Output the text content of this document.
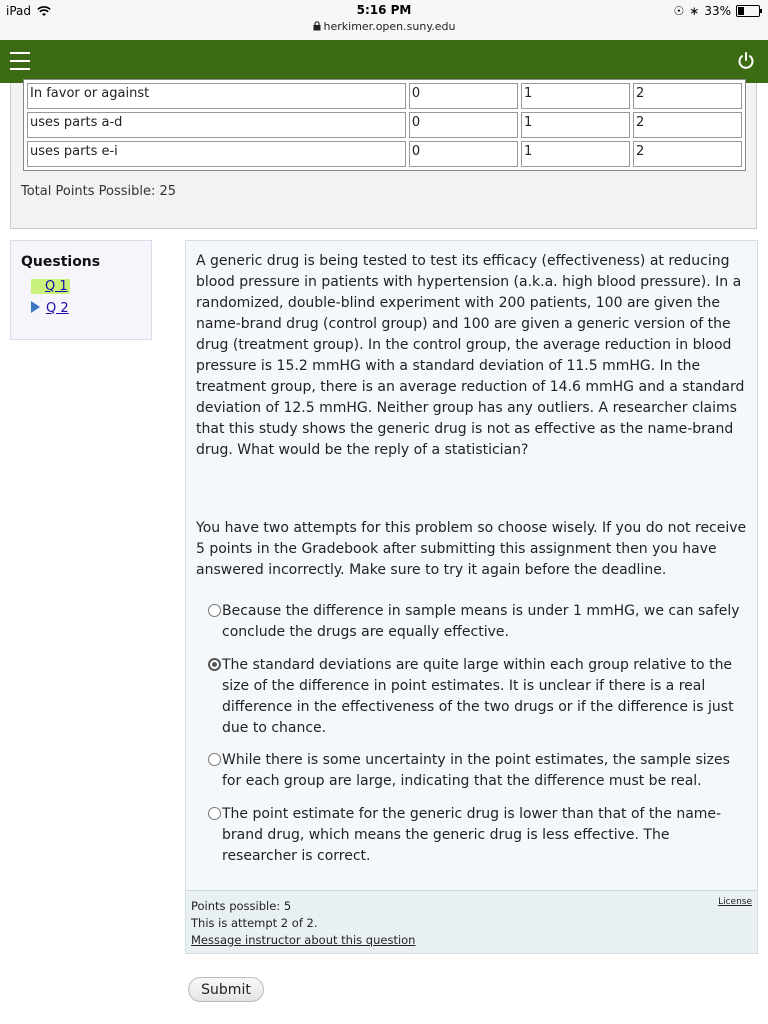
iPad	5:16 PM
herkimer.open.suny.edu
☉ ∗ 33%
In favor or against	0	1	2
uses parts a-d	0	1	2
uses parts e-i	0	1	2
Total Points Possible: 25
Questions
Q 1
Q 2

A generic drug is being tested to test its efficacy (effectiveness) at reducing blood pressure in patients with hypertension (a.k.a. high blood pressure). In a randomized, double-blind experiment with 200 patients, 100 are given the name-brand drug (control group) and 100 are given a generic version of the drug (treatment group). In the control group, the average reduction in blood pressure is 15.2 mmHG with a standard deviation of 11.5 mmHG. In the treatment group, there is an average reduction of 14.6 mmHG and a standard deviation of 12.5 mmHG. Neither group has any outliers. A researcher claims that this study shows the generic drug is not as effective as the name-brand drug. What would be the reply of a statistician?

You have two attempts for this problem so choose wisely. If you do not receive 5 points in the Gradebook after submitting this assignment then you have answered incorrectly. Make sure to try it again before the deadline.

Because the difference in sample means is under 1 mmHG, we can safely conclude the drugs are equally effective.
The standard deviations are quite large within each group relative to the size of the difference in point estimates. It is unclear if there is a real difference in the effectiveness of the two drugs or if the difference is just due to chance.
While there is some uncertainty in the point estimates, the sample sizes for each group are large, indicating that the difference must be real.
The point estimate for the generic drug is lower than that of the name-brand drug, which means the generic drug is less effective. The researcher is correct.
Points possible: 5
This is attempt 2 of 2.
Message instructor about this question
License
Submit
